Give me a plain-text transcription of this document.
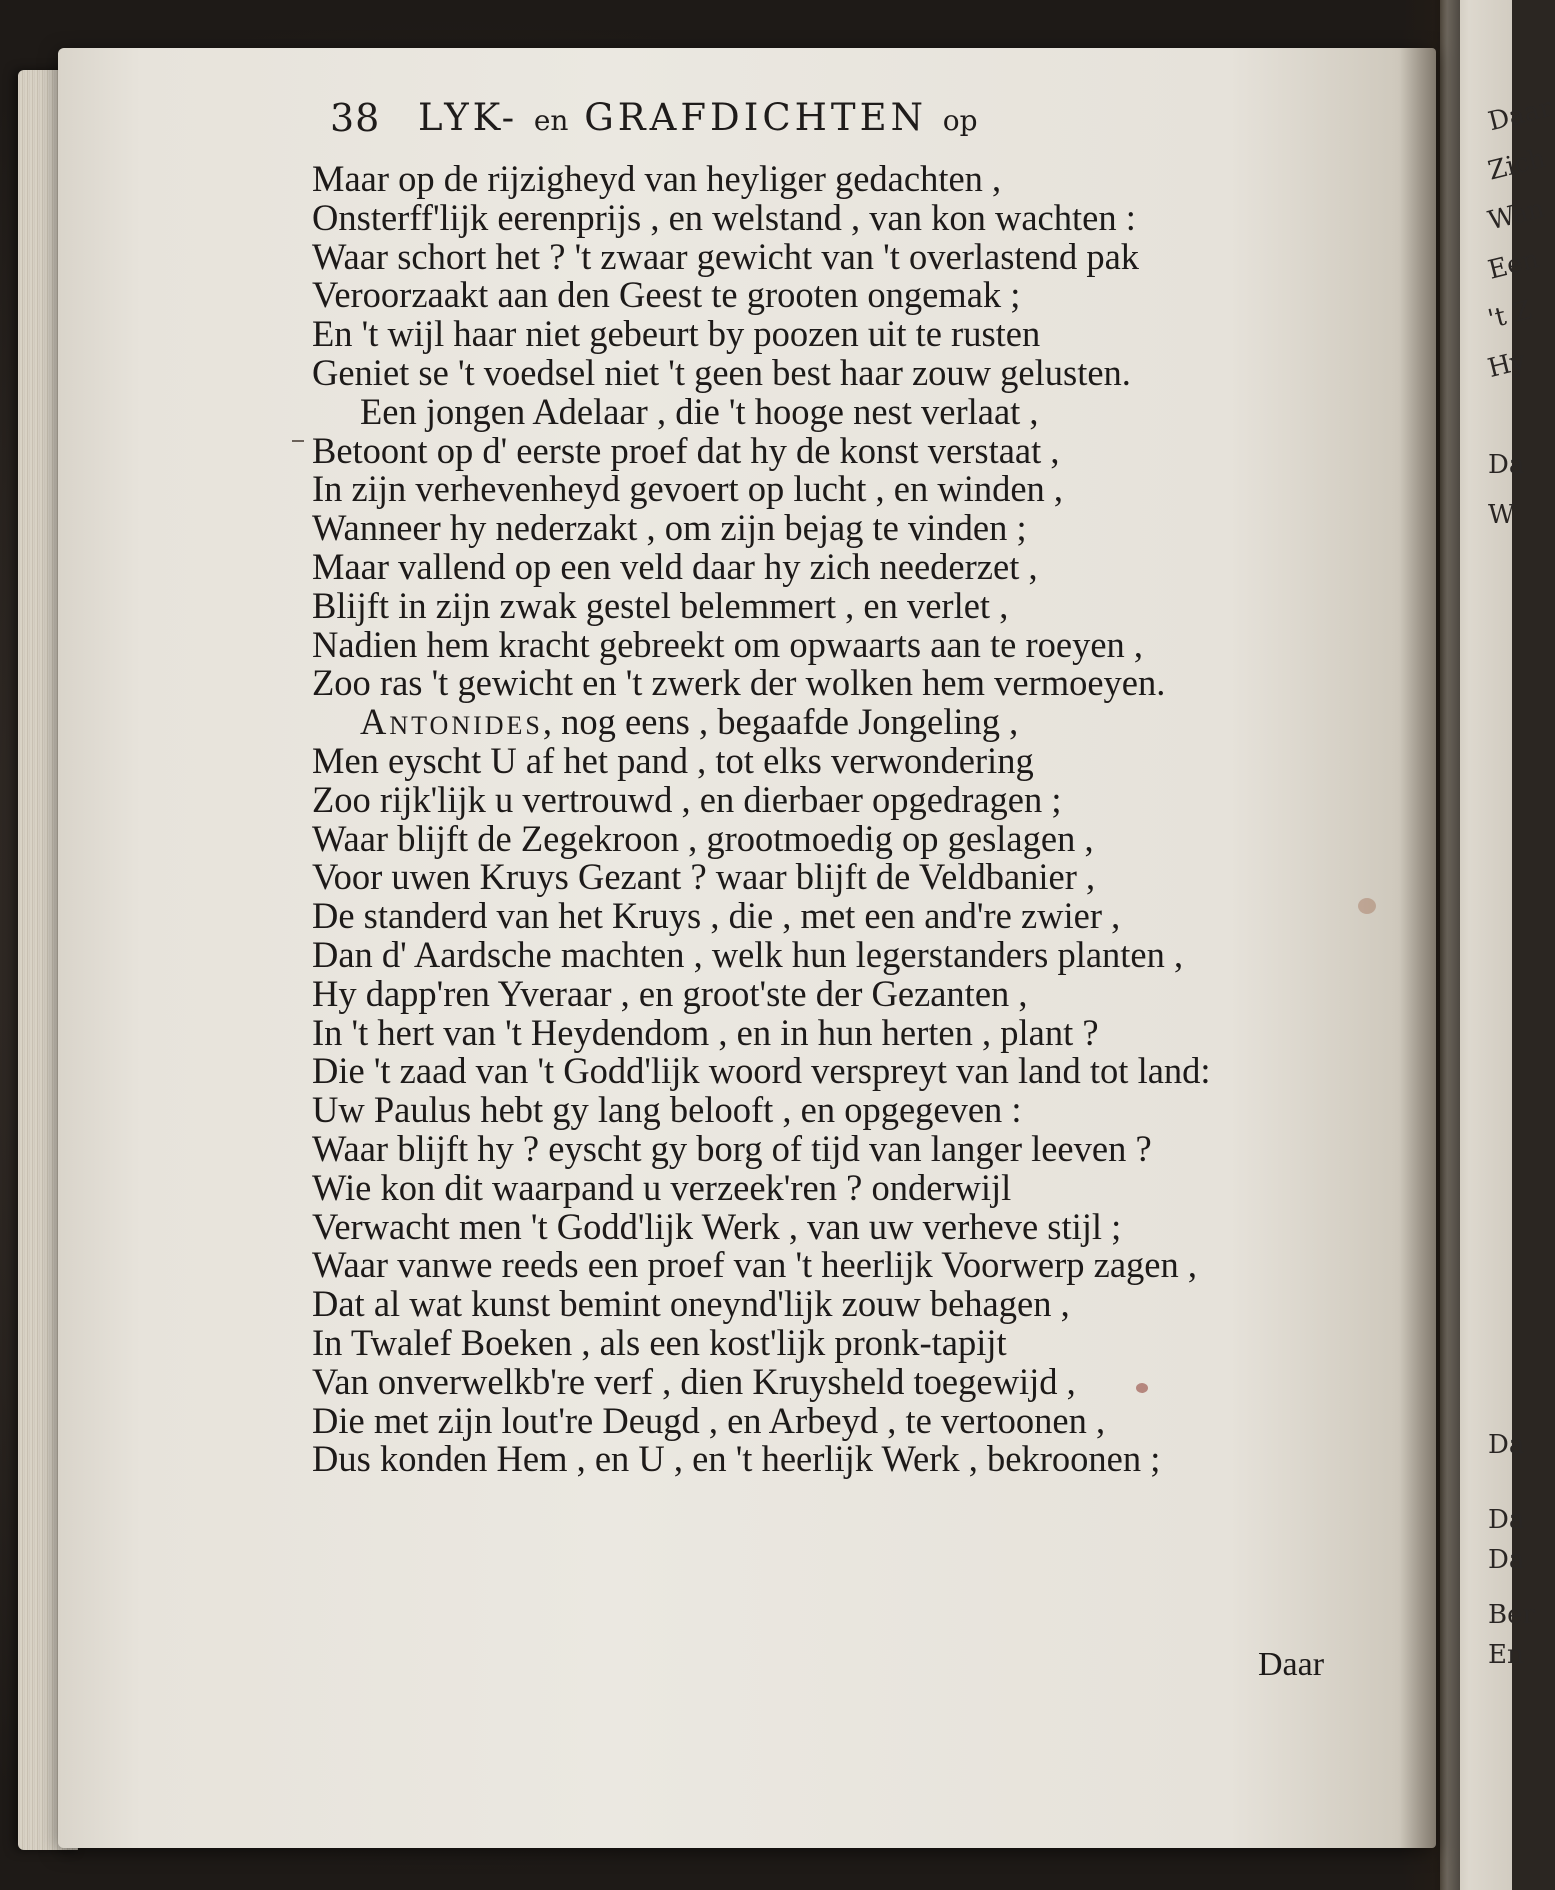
Daar
Zich
Wan
Een
't Z
Hy
Da
W
Da
Da
Da
Ber
En
38 LYK- en GRAFDICHTEN op
Maar op de rijzigheyd van heyliger gedachten ,
Onsterff'lijk eerenprijs , en welstand , van kon wachten :
Waar schort het ? 't zwaar gewicht van 't overlastend pak
Veroorzaakt aan den Geest te grooten ongemak ;
En 't wijl haar niet gebeurt by poozen uit te rusten
Geniet se 't voedsel niet 't geen best haar zouw gelusten.
Een jongen Adelaar , die 't hooge nest verlaat ,
Betoont op d' eerste proef dat hy de konst verstaat ,
In zijn verhevenheyd gevoert op lucht , en winden ,
Wanneer hy nederzakt , om zijn bejag te vinden ;
Maar vallend op een veld daar hy zich neederzet ,
Blijft in zijn zwak gestel belemmert , en verlet ,
Nadien hem kracht gebreekt om opwaarts aan te roeyen ,
Zoo ras 't gewicht en 't zwerk der wolken hem vermoeyen.
Antonides, nog eens , begaafde Jongeling ,
Men eyscht U af het pand , tot elks verwondering
Zoo rijk'lijk u vertrouwd , en dierbaer opgedragen ;
Waar blijft de Zegekroon , grootmoedig op geslagen ,
Voor uwen Kruys Gezant ? waar blijft de Veldbanier ,
De standerd van het Kruys , die , met een and're zwier ,
Dan d' Aardsche machten , welk hun legerstanders planten ,
Hy dapp'ren Yveraar , en groot'ste der Gezanten ,
In 't hert van 't Heydendom , en in hun herten , plant ?
Die 't zaad van 't Godd'lijk woord verspreyt van land tot land:
Uw Paulus hebt gy lang belooft , en opgegeven :
Waar blijft hy ? eyscht gy borg of tijd van langer leeven ?
Wie kon dit waarpand u verzeek'ren ? onderwijl
Verwacht men 't Godd'lijk Werk , van uw verheve stijl ;
Waar vanwe reeds een proef van 't heerlijk Voorwerp zagen ,
Dat al wat kunst bemint oneynd'lijk zouw behagen ,
In Twalef Boeken , als een kost'lijk pronk-tapijt
Van onverwelkb're verf , dien Kruysheld toegewijd ,
Die met zijn lout're Deugd , en Arbeyd , te vertoonen ,
Dus konden Hem , en U , en 't heerlijk Werk , bekroonen ;
Daar
